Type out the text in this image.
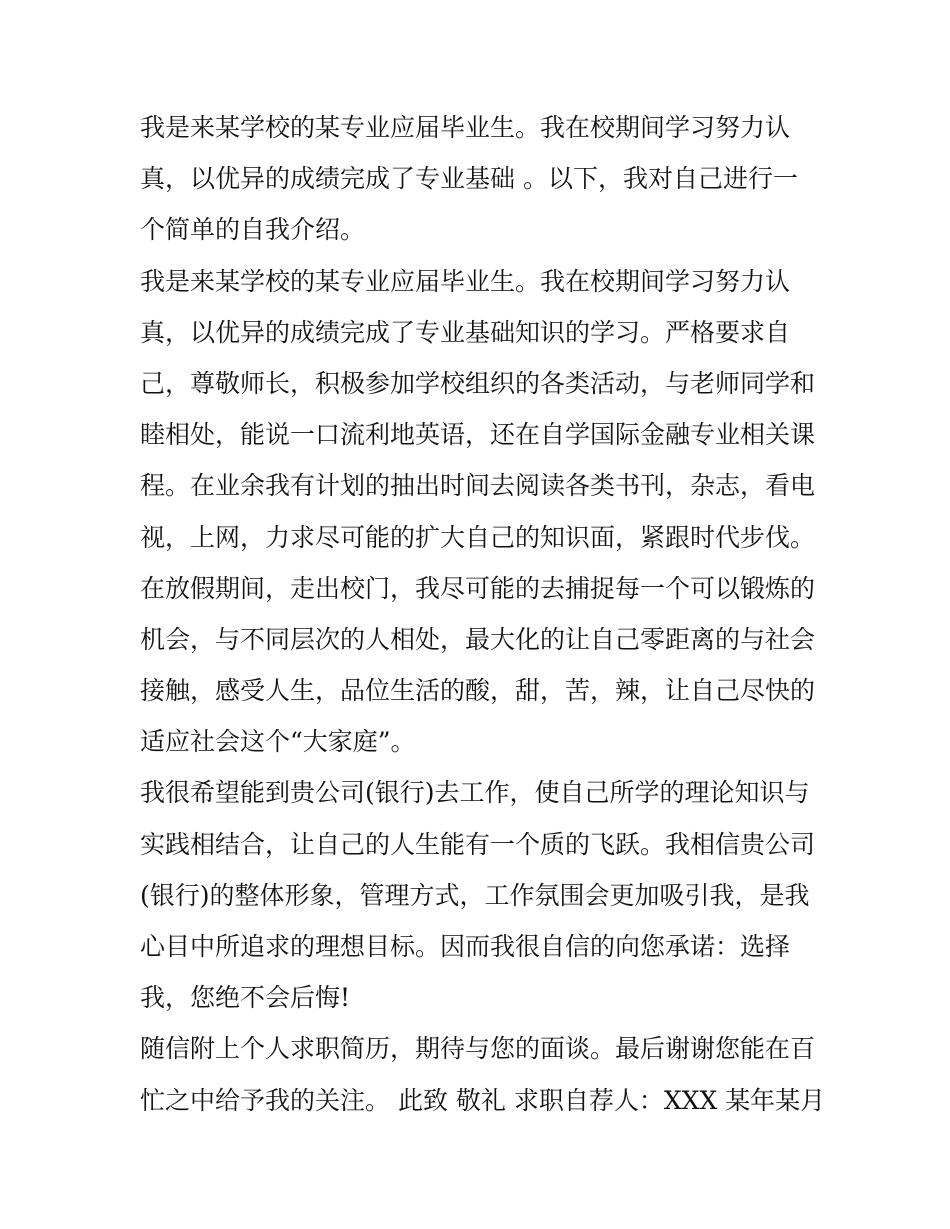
我是来某学校的某专业应届毕业生。我在校期间学习努力认
真，以优异的成绩完成了专业基础 。以下，我对自己进行一
个简单的自我介绍。
我是来某学校的某专业应届毕业生。我在校期间学习努力认
真，以优异的成绩完成了专业基础知识的学习。严格要求自
己，尊敬师长，积极参加学校组织的各类活动，与老师同学和
睦相处，能说一口流利地英语，还在自学国际金融专业相关课
程。在业余我有计划的抽出时间去阅读各类书刊，杂志，看电
视，上网，力求尽可能的扩大自己的知识面，紧跟时代步伐。
在放假期间，走出校门，我尽可能的去捕捉每一个可以锻炼的
机会，与不同层次的人相处，最大化的让自己零距离的与社会
接触，感受人生，品位生活的酸，甜，苦，辣，让自己尽快的
适应社会这个“大家庭”。
我很希望能到贵公司(银行)去工作，使自己所学的理论知识与
实践相结合，让自己的人生能有一个质的飞跃。我相信贵公司
(银行)的整体形象，管理方式，工作氛围会更加吸引我，是我
心目中所追求的理想目标。因而我很自信的向您承诺：选择
我，您绝不会后悔!
随信附上个人求职简历，期待与您的面谈。最后谢谢您能在百
忙之中给予我的关注。 此致 敬礼 求职自荐人：XXX 某年某月
